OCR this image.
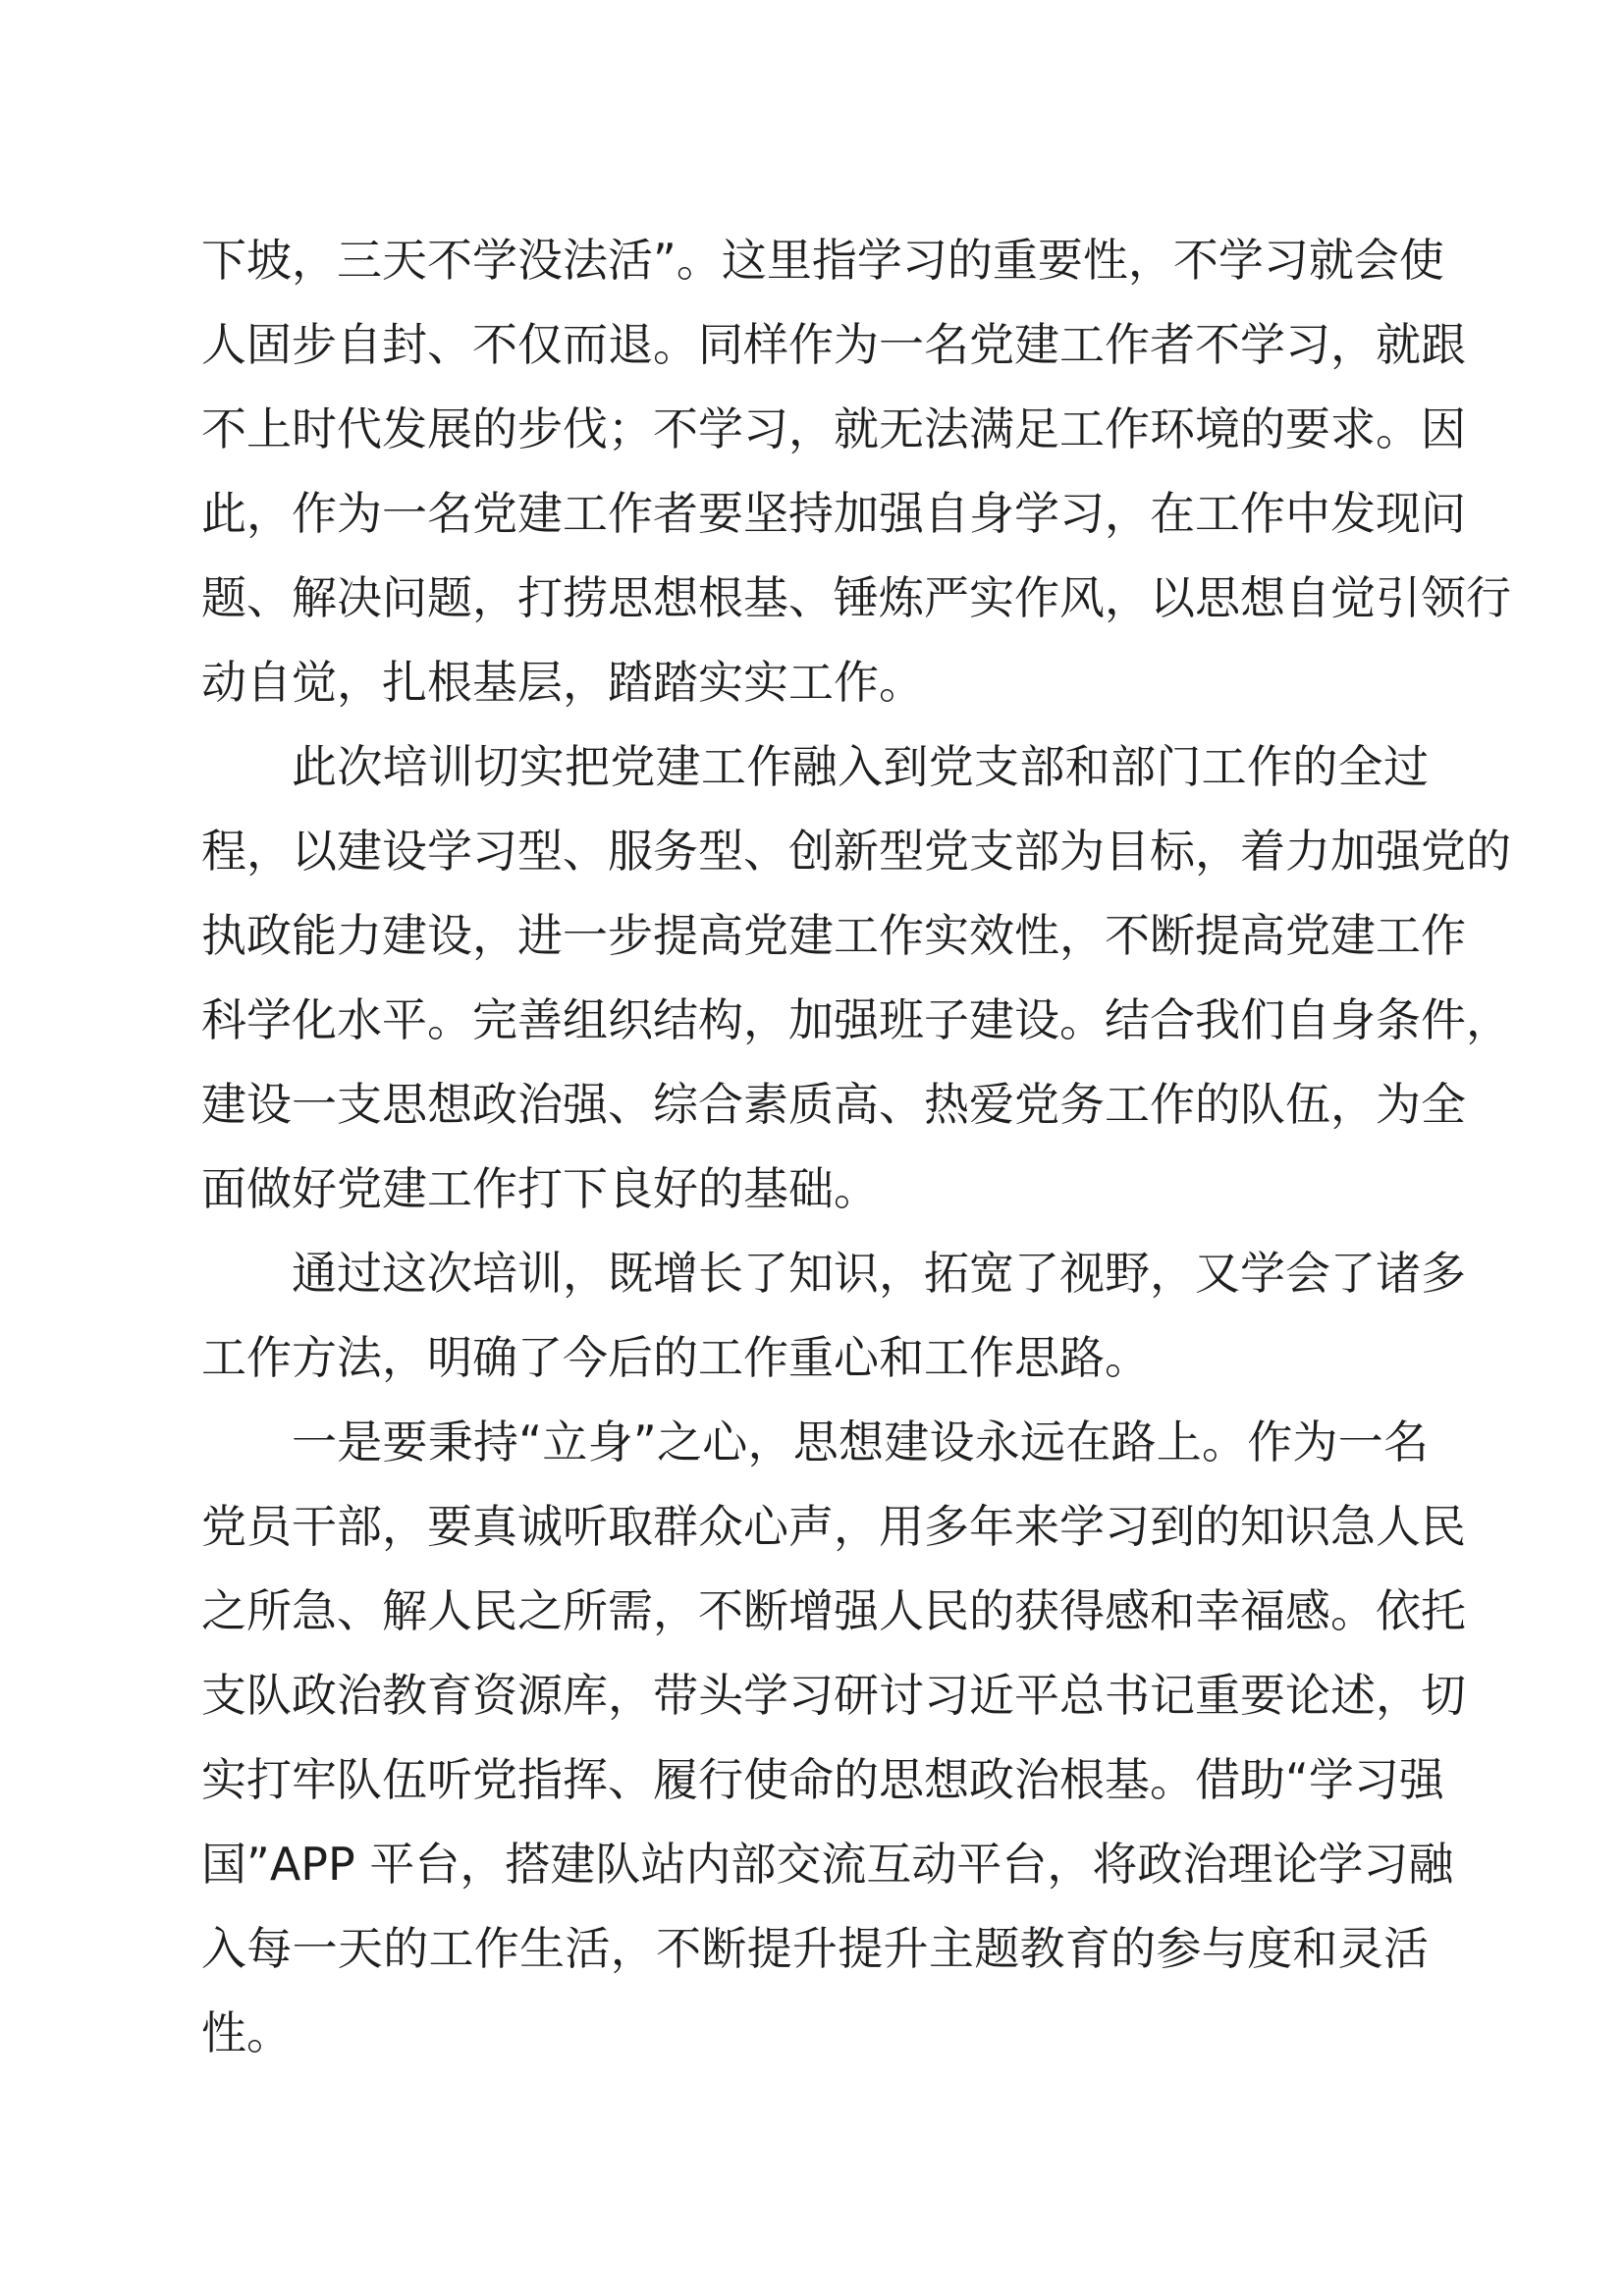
下坡，三天不学没法活”。这里指学习的重要性，不学习就会使
人固步自封、不仅而退。同样作为一名党建工作者不学习，就跟
不上时代发展的步伐；不学习，就无法满足工作环境的要求。因
此，作为一名党建工作者要坚持加强自身学习，在工作中发现问
题、解决问题，打捞思想根基、锤炼严实作风，以思想自觉引领行
动自觉，扎根基层，踏踏实实工作。
此次培训切实把党建工作融入到党支部和部门工作的全过
程，以建设学习型、服务型、创新型党支部为目标，着力加强党的
执政能力建设，进一步提高党建工作实效性，不断提高党建工作
科学化水平。完善组织结构，加强班子建设。结合我们自身条件，
建设一支思想政治强、综合素质高、热爱党务工作的队伍，为全
面做好党建工作打下良好的基础。
通过这次培训，既增长了知识，拓宽了视野，又学会了诸多
工作方法，明确了今后的工作重心和工作思路。
一是要秉持“立身”之心，思想建设永远在路上。作为一名
党员干部，要真诚听取群众心声，用多年来学习到的知识急人民
之所急、解人民之所需，不断增强人民的获得感和幸福感。依托
支队政治教育资源库，带头学习研讨习近平总书记重要论述，切
实打牢队伍听党指挥、履行使命的思想政治根基。借助“学习强
国”APP 平台，搭建队站内部交流互动平台，将政治理论学习融
入每一天的工作生活，不断提升提升主题教育的参与度和灵活
性。
